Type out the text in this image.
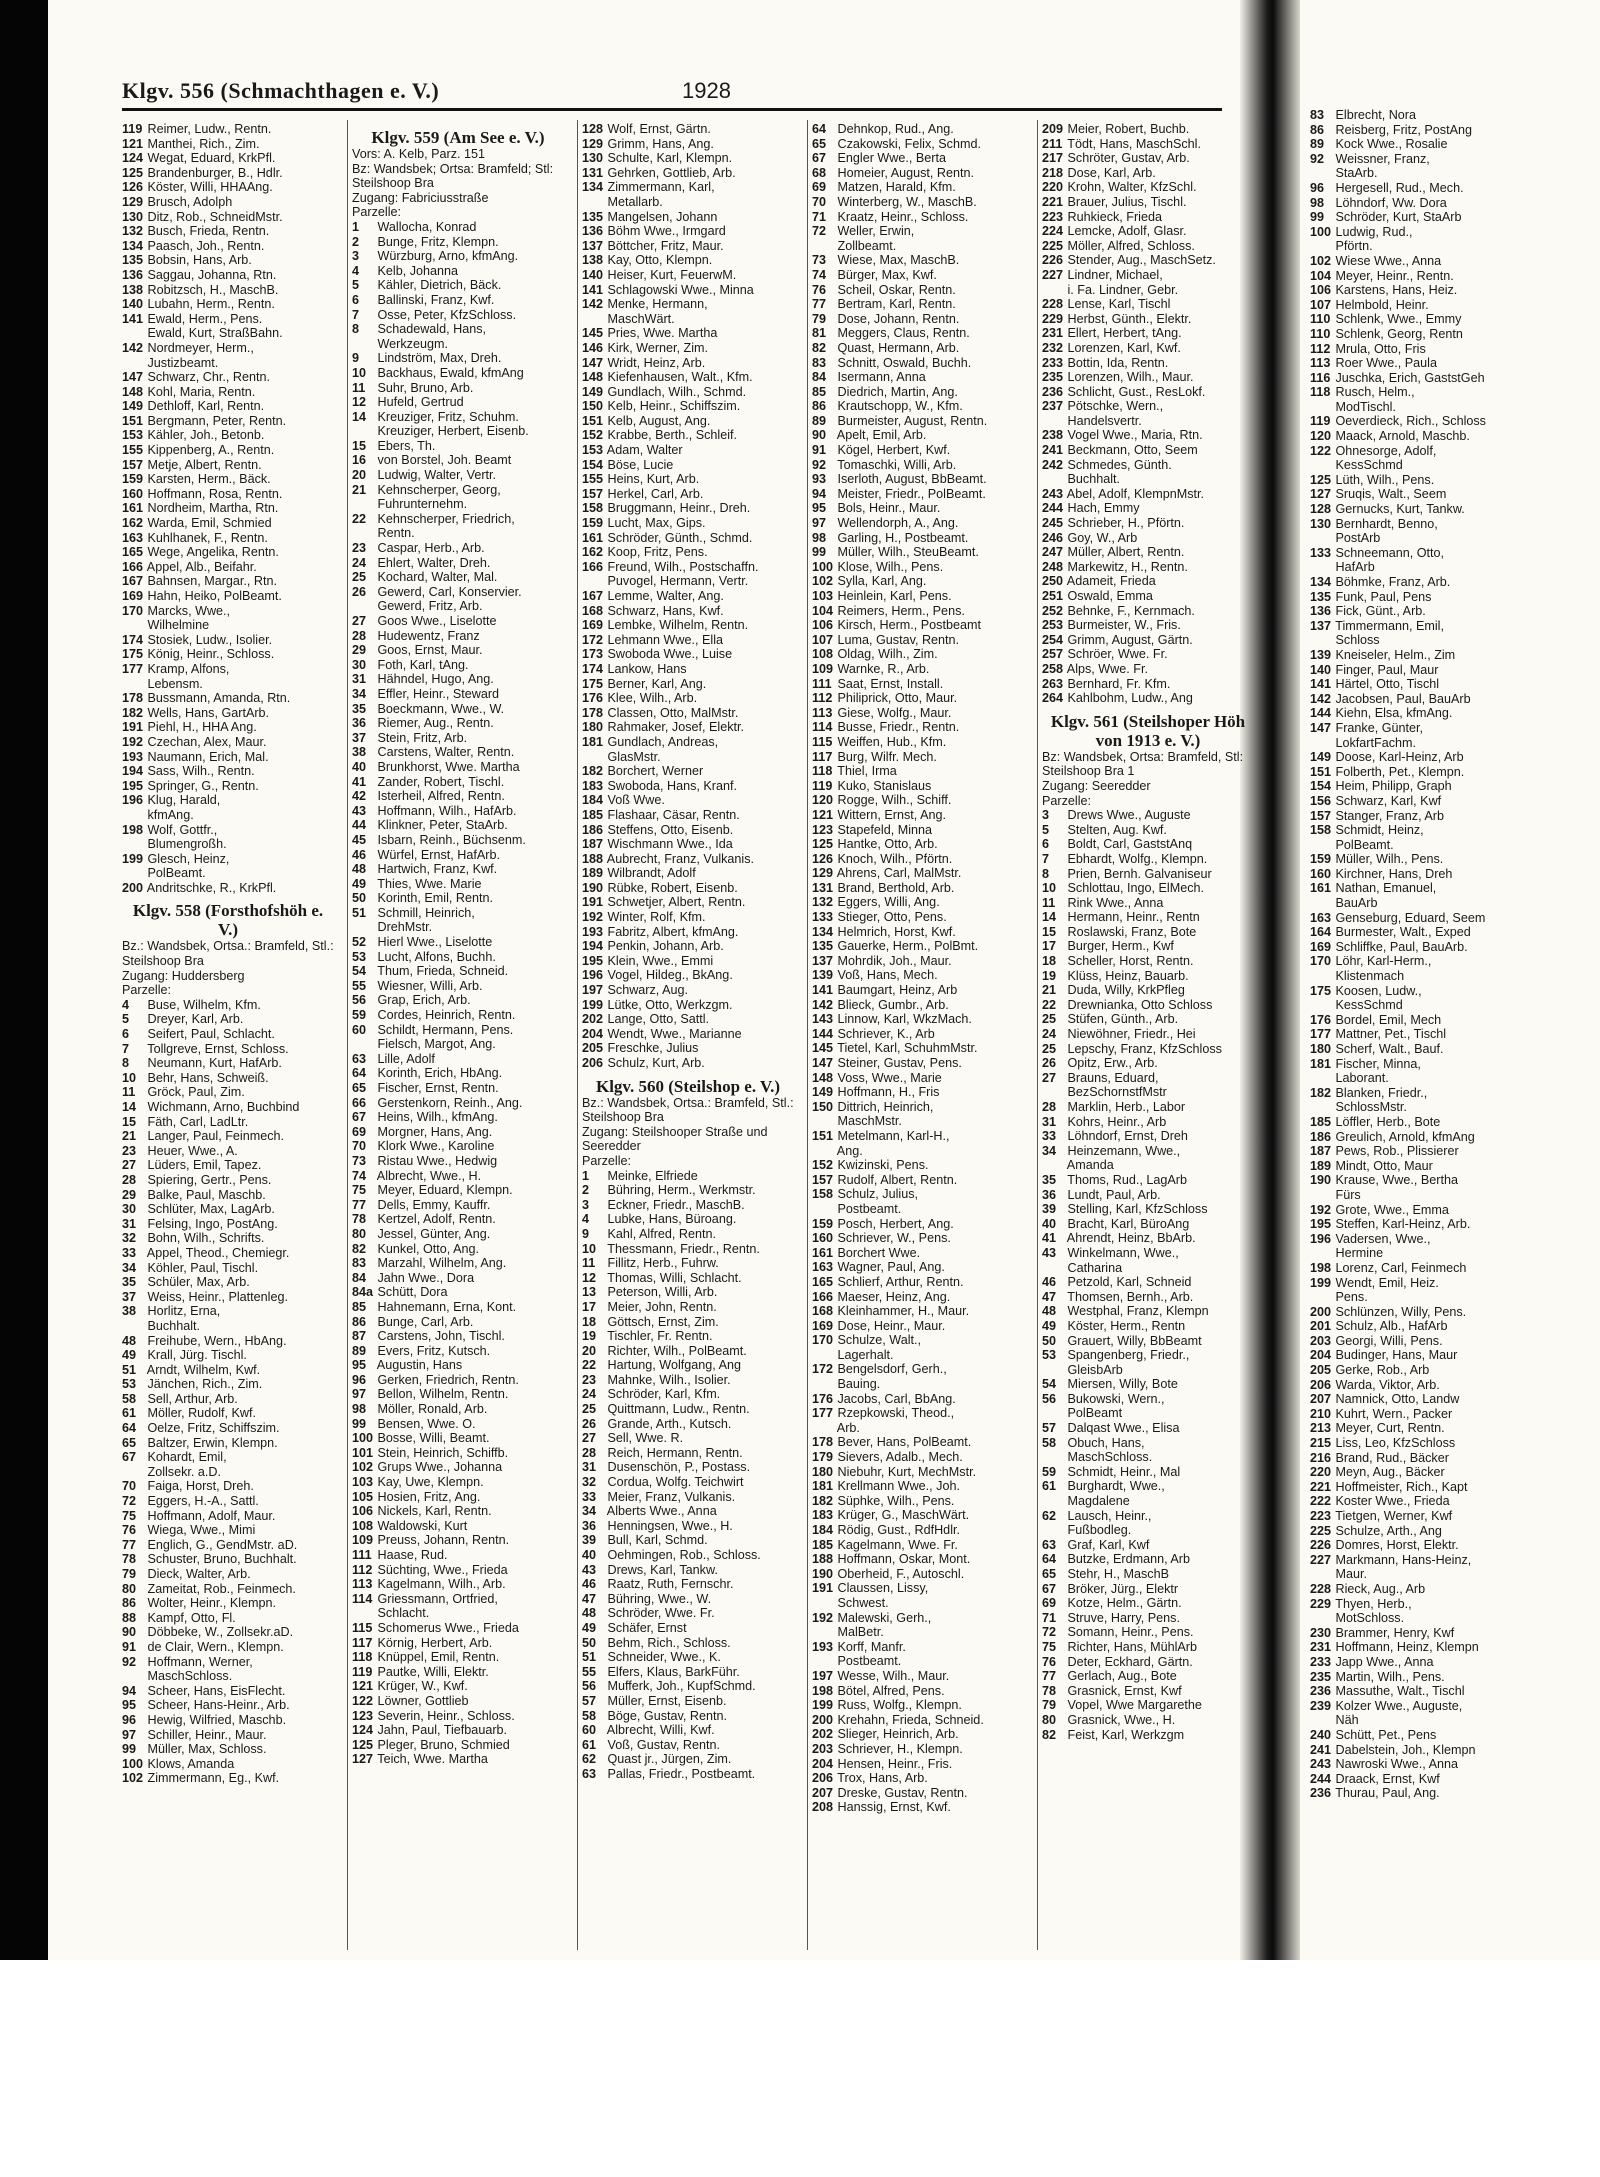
Klgv. 556 (Schmachthagen e. V.)	1928
119 Reimer, Ludw., Rentn.
121 Manthei, Rich., Zim.
124 Wegat, Eduard, KrkPfl.
125 Brandenburger, B., Hdlr.
126 Köster, Willi, HHAAng.
129 Brusch, Adolph
130 Ditz, Rob., SchneidMstr.
132 Busch, Frieda, Rentn.
134 Paasch, Joh., Rentn.
135 Bobsin, Hans, Arb.
136 Saggau, Johanna, Rtn.
138 Robitzsch, H., MaschB.
140 Lubahn, Herm., Rentn.
141 Ewald, Herm., Pens.
Ewald, Kurt, StraßBahn.
142 Nordmeyer, Herm.,
Justizbeamt.
147 Schwarz, Chr., Rentn.
148 Kohl, Maria, Rentn.
149 Dethloff, Karl, Rentn.
151 Bergmann, Peter, Rentn.
153 Kähler, Joh., Betonb.
155 Kippenberg, A., Rentn.
157 Metje, Albert, Rentn.
159 Karsten, Herm., Bäck.
160 Hoffmann, Rosa, Rentn.
161 Nordheim, Martha, Rtn.
162 Warda, Emil, Schmied
163 Kuhlhanek, F., Rentn.
165 Wege, Angelika, Rentn.
166 Appel, Alb., Beifahr.
167 Bahnsen, Margar., Rtn.
169 Hahn, Heiko, PolBeamt.
170 Marcks, Wwe.,
Wilhelmine
174 Stosiek, Ludw., Isolier.
175 König, Heinr., Schloss.
177 Kramp, Alfons,
Lebensm.
178 Bussmann, Amanda, Rtn.
182 Wells, Hans, GartArb.
191 Piehl, H., HHA Ang.
192 Czechan, Alex, Maur.
193 Naumann, Erich, Mal.
194 Sass, Wilh., Rentn.
195 Springer, G., Rentn.
196 Klug, Harald,
kfmAng.
198 Wolf, Gottfr.,
Blumengroßh.
199 Glesch, Heinz,
PolBeamt.
200 Andritschke, R., KrkPfl.
Klgv. 558 (Forsthofshöh e. V.)
Bz.: Wandsbek, Ortsa.: Bramfeld, Stl.: Steilshoop Bra
Zugang: Huddersberg
Parzelle:
4 Buse, Wilhelm, Kfm.
5 Dreyer, Karl, Arb.
6 Seifert, Paul, Schlacht.
7 Tollgreve, Ernst, Schloss.
8 Neumann, Kurt, HafArb.
10 Behr, Hans, Schweiß.
11 Gröck, Paul, Zim.
14 Wichmann, Arno, Buchbind
15 Fäth, Carl, LadLtr.
21 Langer, Paul, Feinmech.
23 Heuer, Wwe., A.
27 Lüders, Emil, Tapez.
28 Spiering, Gertr., Pens.
29 Balke, Paul, Maschb.
30 Schlüter, Max, LagArb.
31 Felsing, Ingo, PostAng.
32 Bohn, Wilh., Schrifts.
33 Appel, Theod., Chemiegr.
34 Köhler, Paul, Tischl.
35 Schüler, Max, Arb.
37 Weiss, Heinr., Plattenleg.
38 Horlitz, Erna,
Buchhalt.
48 Freihube, Wern., HbAng.
49 Krall, Jürg. Tischl.
51 Arndt, Wilhelm, Kwf.
53 Jänchen, Rich., Zim.
58 Sell, Arthur, Arb.
61 Möller, Rudolf, Kwf.
64 Oelze, Fritz, Schiffszim.
65 Baltzer, Erwin, Klempn.
67 Kohardt, Emil,
Zollsekr. a.D.
70 Faiga, Horst, Dreh.
72 Eggers, H.-A., Sattl.
75 Hoffmann, Adolf, Maur.
76 Wiega, Wwe., Mimi
77 Englich, G., GendMstr. aD.
78 Schuster, Bruno, Buchhalt.
79 Dieck, Walter, Arb.
80 Zameitat, Rob., Feinmech.
86 Wolter, Heinr., Klempn.
88 Kampf, Otto, Fl.
90 Döbbeke, W., Zollsekr.aD.
91 de Clair, Wern., Klempn.
92 Hoffmann, Werner,
MaschSchloss.
94 Scheer, Hans, EisFlecht.
95 Scheer, Hans-Heinr., Arb.
96 Hewig, Wilfried, Maschb.
97 Schiller, Heinr., Maur.
99 Müller, Max, Schloss.
100 Klows, Amanda
102 Zimmermann, Eg., Kwf.
Klgv. 559 (Am See e. V.)
Vors: A. Kelb, Parz. 151
Bz: Wandsbek; Ortsa: Bramfeld; Stl: Steilshoop Bra
Zugang: Fabriciusstraße
Parzelle:
1 Wallocha, Konrad
2 Bunge, Fritz, Klempn.
3 Würzburg, Arno, kfmAng.
4 Kelb, Johanna
5 Kähler, Dietrich, Bäck.
6 Ballinski, Franz, Kwf.
7 Osse, Peter, KfzSchloss.
8 Schadewald, Hans,
Werkzeugm.
9 Lindström, Max, Dreh.
10 Backhaus, Ewald, kfmAng
11 Suhr, Bruno, Arb.
12 Hufeld, Gertrud
14 Kreuziger, Fritz, Schuhm.
Kreuziger, Herbert, Eisenb.
15 Ebers, Th.
16 von Borstel, Joh. Beamt
20 Ludwig, Walter, Vertr.
21 Kehnscherper, Georg,
Fuhrunternehm.
22 Kehnscherper, Friedrich,
Rentn.
23 Caspar, Herb., Arb.
24 Ehlert, Walter, Dreh.
25 Kochard, Walter, Mal.
26 Gewerd, Carl, Konservier.
Gewerd, Fritz, Arb.
27 Goos Wwe., Liselotte
28 Hudewentz, Franz
29 Goos, Ernst, Maur.
30 Foth, Karl, tAng.
31 Hähndel, Hugo, Ang.
34 Effler, Heinr., Steward
35 Boeckmann, Wwe., W.
36 Riemer, Aug., Rentn.
37 Stein, Fritz, Arb.
38 Carstens, Walter, Rentn.
40 Brunkhorst, Wwe. Martha
41 Zander, Robert, Tischl.
42 Isterheil, Alfred, Rentn.
43 Hoffmann, Wilh., HafArb.
44 Klinkner, Peter, StaArb.
45 Isbarn, Reinh., Büchsenm.
46 Würfel, Ernst, HafArb.
48 Hartwich, Franz, Kwf.
49 Thies, Wwe. Marie
50 Korinth, Emil, Rentn.
51 Schmill, Heinrich,
DrehMstr.
52 Hierl Wwe., Liselotte
53 Lucht, Alfons, Buchh.
54 Thum, Frieda, Schneid.
55 Wiesner, Willi, Arb.
56 Grap, Erich, Arb.
59 Cordes, Heinrich, Rentn.
60 Schildt, Hermann, Pens.
Fielsch, Margot, Ang.
63 Lille, Adolf
64 Korinth, Erich, HbAng.
65 Fischer, Ernst, Rentn.
66 Gerstenkorn, Reinh., Ang.
67 Heins, Wilh., kfmAng.
69 Morgner, Hans, Ang.
70 Klork Wwe., Karoline
73 Ristau Wwe., Hedwig
74 Albrecht, Wwe., H.
75 Meyer, Eduard, Klempn.
77 Dells, Emmy, Kauffr.
78 Kertzel, Adolf, Rentn.
80 Jessel, Günter, Ang.
82 Kunkel, Otto, Ang.
83 Marzahl, Wilhelm, Ang.
84 Jahn Wwe., Dora
84a Schütt, Dora
85 Hahnemann, Erna, Kont.
86 Bunge, Carl, Arb.
87 Carstens, John, Tischl.
89 Evers, Fritz, Kutsch.
95 Augustin, Hans
96 Gerken, Friedrich, Rentn.
97 Bellon, Wilhelm, Rentn.
98 Möller, Ronald, Arb.
99 Bensen, Wwe. O.
100 Bosse, Willi, Beamt.
101 Stein, Heinrich, Schiffb.
102 Grups Wwe., Johanna
103 Kay, Uwe, Klempn.
105 Hosien, Fritz, Ang.
106 Nickels, Karl, Rentn.
108 Waldowski, Kurt
109 Preuss, Johann, Rentn.
111 Haase, Rud.
112 Süchting, Wwe., Frieda
113 Kagelmann, Wilh., Arb.
114 Griessmann, Ortfried,
Schlacht.
115 Schomerus Wwe., Frieda
117 Körnig, Herbert, Arb.
118 Knüppel, Emil, Rentn.
119 Pautke, Willi, Elektr.
121 Krüger, W., Kwf.
122 Löwner, Gottlieb
123 Severin, Heinr., Schloss.
124 Jahn, Paul, Tiefbauarb.
125 Pleger, Bruno, Schmied
127 Teich, Wwe. Martha
128 Wolf, Ernst, Gärtn.
129 Grimm, Hans, Ang.
130 Schulte, Karl, Klempn.
131 Gehrken, Gottlieb, Arb.
134 Zimmermann, Karl,
Metallarb.
135 Mangelsen, Johann
136 Böhm Wwe., Irmgard
137 Böttcher, Fritz, Maur.
138 Kay, Otto, Klempn.
140 Heiser, Kurt, FeuerwM.
141 Schlagowski Wwe., Minna
142 Menke, Hermann,
MaschWärt.
145 Pries, Wwe. Martha
146 Kirk, Werner, Zim.
147 Wridt, Heinz, Arb.
148 Kiefenhausen, Walt., Kfm.
149 Gundlach, Wilh., Schmd.
150 Kelb, Heinr., Schiffszim.
151 Kelb, August, Ang.
152 Krabbe, Berth., Schleif.
153 Adam, Walter
154 Böse, Lucie
155 Heins, Kurt, Arb.
157 Herkel, Carl, Arb.
158 Bruggmann, Heinr., Dreh.
159 Lucht, Max, Gips.
161 Schröder, Günth., Schmd.
162 Koop, Fritz, Pens.
166 Freund, Wilh., Postschaffn.
Puvogel, Hermann, Vertr.
167 Lemme, Walter, Ang.
168 Schwarz, Hans, Kwf.
169 Lembke, Wilhelm, Rentn.
172 Lehmann Wwe., Ella
173 Swoboda Wwe., Luise
174 Lankow, Hans
175 Berner, Karl, Ang.
176 Klee, Wilh., Arb.
178 Classen, Otto, MalMstr.
180 Rahmaker, Josef, Elektr.
181 Gundlach, Andreas,
GlasMstr.
182 Borchert, Werner
183 Swoboda, Hans, Kranf.
184 Voß Wwe.
185 Flashaar, Cäsar, Rentn.
186 Steffens, Otto, Eisenb.
187 Wischmann Wwe., Ida
188 Aubrecht, Franz, Vulkanis.
189 Wilbrandt, Adolf
190 Rübke, Robert, Eisenb.
191 Schwetjer, Albert, Rentn.
192 Winter, Rolf, Kfm.
193 Fabritz, Albert, kfmAng.
194 Penkin, Johann, Arb.
195 Klein, Wwe., Emmi
196 Vogel, Hildeg., BkAng.
197 Schwarz, Aug.
199 Lütke, Otto, Werkzgm.
202 Lange, Otto, Sattl.
204 Wendt, Wwe., Marianne
205 Freschke, Julius
206 Schulz, Kurt, Arb.
Klgv. 560 (Steilshop e. V.)
Bz.: Wandsbek, Ortsa.: Bramfeld, Stl.: Steilshoop Bra
Zugang: Steilshooper Straße und Seeredder
Parzelle:
1 Meinke, Elfriede
2 Bühring, Herm., Werkmstr.
3 Eckner, Friedr., MaschB.
4 Lubke, Hans, Büroang.
9 Kahl, Alfred, Rentn.
10 Thessmann, Friedr., Rentn.
11 Fillitz, Herb., Fuhrw.
12 Thomas, Willi, Schlacht.
13 Peterson, Willi, Arb.
17 Meier, John, Rentn.
18 Göttsch, Ernst, Zim.
19 Tischler, Fr. Rentn.
20 Richter, Wilh., PolBeamt.
22 Hartung, Wolfgang, Ang
23 Mahnke, Wilh., Isolier.
24 Schröder, Karl, Kfm.
25 Quittmann, Ludw., Rentn.
26 Grande, Arth., Kutsch.
27 Sell, Wwe. R.
28 Reich, Hermann, Rentn.
31 Dusenschön, P., Postass.
32 Cordua, Wolfg. Teichwirt
33 Meier, Franz, Vulkanis.
34 Alberts Wwe., Anna
36 Henningsen, Wwe., H.
39 Bull, Karl, Schmd.
40 Oehmingen, Rob., Schloss.
43 Drews, Karl, Tankw.
46 Raatz, Ruth, Fernschr.
47 Bühring, Wwe., W.
48 Schröder, Wwe. Fr.
49 Schäfer, Ernst
50 Behm, Rich., Schloss.
51 Schneider, Wwe., K.
55 Elfers, Klaus, BarkFühr.
56 Mufferk, Joh., KupfSchmd.
57 Müller, Ernst, Eisenb.
58 Böge, Gustav, Rentn.
60 Albrecht, Willi, Kwf.
61 Voß, Gustav, Rentn.
62 Quast jr., Jürgen, Zim.
63 Pallas, Friedr., Postbeamt.
64 Dehnkop, Rud., Ang.
65 Czakowski, Felix, Schmd.
67 Engler Wwe., Berta
68 Homeier, August, Rentn.
69 Matzen, Harald, Kfm.
70 Winterberg, W., MaschB.
71 Kraatz, Heinr., Schloss.
72 Weller, Erwin,
Zollbeamt.
73 Wiese, Max, MaschB.
74 Bürger, Max, Kwf.
76 Scheil, Oskar, Rentn.
77 Bertram, Karl, Rentn.
79 Dose, Johann, Rentn.
81 Meggers, Claus, Rentn.
82 Quast, Hermann, Arb.
83 Schnitt, Oswald, Buchh.
84 Isermann, Anna
85 Diedrich, Martin, Ang.
86 Krautschopp, W., Kfm.
89 Burmeister, August, Rentn.
90 Apelt, Emil, Arb.
91 Kögel, Herbert, Kwf.
92 Tomaschki, Willi, Arb.
93 Iserloth, August, BbBeamt.
94 Meister, Friedr., PolBeamt.
95 Bols, Heinr., Maur.
97 Wellendorph, A., Ang.
98 Garling, H., Postbeamt.
99 Müller, Wilh., SteuBeamt.
100 Klose, Wilh., Pens.
102 Sylla, Karl, Ang.
103 Heinlein, Karl, Pens.
104 Reimers, Herm., Pens.
106 Kirsch, Herm., Postbeamt
107 Luma, Gustav, Rentn.
108 Oldag, Wilh., Zim.
109 Warnke, R., Arb.
111 Saat, Ernst, Install.
112 Philiprick, Otto, Maur.
113 Giese, Wolfg., Maur.
114 Busse, Friedr., Rentn.
115 Weiffen, Hub., Kfm.
117 Burg, Wilfr. Mech.
118 Thiel, Irma
119 Kuko, Stanislaus
120 Rogge, Wilh., Schiff.
121 Wittern, Ernst, Ang.
123 Stapefeld, Minna
125 Hantke, Otto, Arb.
126 Knoch, Wilh., Pförtn.
129 Ahrens, Carl, MalMstr.
131 Brand, Berthold, Arb.
132 Eggers, Willi, Ang.
133 Stieger, Otto, Pens.
134 Helmrich, Horst, Kwf.
135 Gauerke, Herm., PolBmt.
137 Mohrdik, Joh., Maur.
139 Voß, Hans, Mech.
141 Baumgart, Heinz, Arb
142 Blieck, Gumbr., Arb.
143 Linnow, Karl, WkzMach.
144 Schriever, K., Arb
145 Tietel, Karl, SchuhmMstr.
147 Steiner, Gustav, Pens.
148 Voss, Wwe., Marie
149 Hoffmann, H., Fris
150 Dittrich, Heinrich,
MaschMstr.
151 Metelmann, Karl-H.,
Ang.
152 Kwizinski, Pens.
157 Rudolf, Albert, Rentn.
158 Schulz, Julius,
Postbeamt.
159 Posch, Herbert, Ang.
160 Schriever, W., Pens.
161 Borchert Wwe.
163 Wagner, Paul, Ang.
165 Schlierf, Arthur, Rentn.
166 Maeser, Heinz, Ang.
168 Kleinhammer, H., Maur.
169 Dose, Heinr., Maur.
170 Schulze, Walt.,
Lagerhalt.
172 Bengelsdorf, Gerh.,
Bauing.
176 Jacobs, Carl, BbAng.
177 Rzepkowski, Theod.,
Arb.
178 Bever, Hans, PolBeamt.
179 Sievers, Adalb., Mech.
180 Niebuhr, Kurt, MechMstr.
181 Krellmann Wwe., Joh.
182 Süphke, Wilh., Pens.
183 Krüger, G., MaschWärt.
184 Rödig, Gust., RdfHdlr.
185 Kagelmann, Wwe. Fr.
188 Hoffmann, Oskar, Mont.
190 Oberheid, F., Autoschl.
191 Claussen, Lissy,
Schwest.
192 Malewski, Gerh.,
MalBetr.
193 Korff, Manfr.
Postbeamt.
197 Wesse, Wilh., Maur.
198 Bötel, Alfred, Pens.
199 Russ, Wolfg., Klempn.
200 Krehahn, Frieda, Schneid.
202 Slieger, Heinrich, Arb.
203 Schriever, H., Klempn.
204 Hensen, Heinr., Fris.
206 Trox, Hans, Arb.
207 Dreske, Gustav, Rentn.
208 Hanssig, Ernst, Kwf.
209 Meier, Robert, Buchb.
211 Tödt, Hans, MaschSchl.
217 Schröter, Gustav, Arb.
218 Dose, Karl, Arb.
220 Krohn, Walter, KfzSchl.
221 Brauer, Julius, Tischl.
223 Ruhkieck, Frieda
224 Lemcke, Adolf, Glasr.
225 Möller, Alfred, Schloss.
226 Stender, Aug., MaschSetz.
227 Lindner, Michael,
i. Fa. Lindner, Gebr.
228 Lense, Karl, Tischl
229 Herbst, Günth., Elektr.
231 Ellert, Herbert, tAng.
232 Lorenzen, Karl, Kwf.
233 Bottin, Ida, Rentn.
235 Lorenzen, Wilh., Maur.
236 Schlicht, Gust., ResLokf.
237 Pötschke, Wern.,
Handelsvertr.
238 Vogel Wwe., Maria, Rtn.
241 Beckmann, Otto, Seem
242 Schmedes, Günth.
Buchhalt.
243 Abel, Adolf, KlempnMstr.
244 Hach, Emmy
245 Schrieber, H., Pförtn.
246 Goy, W., Arb
247 Müller, Albert, Rentn.
248 Markewitz, H., Rentn.
250 Adameit, Frieda
251 Oswald, Emma
252 Behnke, F., Kernmach.
253 Burmeister, W., Fris.
254 Grimm, August, Gärtn.
257 Schröer, Wwe. Fr.
258 Alps, Wwe. Fr.
263 Bernhard, Fr. Kfm.
264 Kahlbohm, Ludw., Ang
Klgv. 561 (Steilshoper Höh von 1913 e. V.)
Bz: Wandsbek, Ortsa: Bramfeld, Stl: Steilshoop Bra 1
Zugang: Seeredder
Parzelle:
3 Drews Wwe., Auguste
5 Stelten, Aug. Kwf.
6 Boldt, Carl, GaststAnq
7 Ebhardt, Wolfg., Klempn.
8 Prien, Bernh. Galvaniseur
10 Schlottau, Ingo, ElMech.
11 Rink Wwe., Anna
14 Hermann, Heinr., Rentn
15 Roslawski, Franz, Bote
17 Burger, Herm., Kwf
18 Scheller, Horst, Rentn.
19 Klüss, Heinz, Bauarb.
21 Duda, Willy, KrkPfleg
22 Drewnianka, Otto Schloss
25 Stüfen, Günth., Arb.
24 Niewöhner, Friedr., Hei
25 Lepschy, Franz, KfzSchloss
26 Opitz, Erw., Arb.
27 Brauns, Eduard,
BezSchornstfMstr
28 Marklin, Herb., Labor
31 Kohrs, Heinr., Arb
33 Löhndorf, Ernst, Dreh
34 Heinzemann, Wwe.,
Amanda
35 Thoms, Rud., LagArb
36 Lundt, Paul, Arb.
39 Stelling, Karl, KfzSchloss
40 Bracht, Karl, BüroAng
41 Ahrendt, Heinz, BbArb.
43 Winkelmann, Wwe.,
Catharina
46 Petzold, Karl, Schneid
47 Thomsen, Bernh., Arb.
48 Westphal, Franz, Klempn
49 Köster, Herm., Rentn
50 Grauert, Willy, BbBeamt
53 Spangenberg, Friedr.,
GleisbArb
54 Miersen, Willy, Bote
56 Bukowski, Wern.,
PolBeamt
57 Dalqast Wwe., Elisa
58 Obuch, Hans,
MaschSchloss.
59 Schmidt, Heinr., Mal
61 Burghardt, Wwe.,
Magdalene
62 Lausch, Heinr.,
Fußbodleg.
63 Graf, Karl, Kwf
64 Butzke, Erdmann, Arb
65 Stehr, H., MaschB
67 Bröker, Jürg., Elektr
69 Kotze, Helm., Gärtn.
71 Struve, Harry, Pens.
72 Somann, Heinr., Pens.
75 Richter, Hans, MühlArb
76 Deter, Eckhard, Gärtn.
77 Gerlach, Aug., Bote
78 Grasnick, Ernst, Kwf
79 Vopel, Wwe Margarethe
80 Grasnick, Wwe., H.
82 Feist, Karl, Werkzgm
83 Elbrecht, Nora
86 Reisberg, Fritz, PostAng
89 Kock Wwe., Rosalie
92 Weissner, Franz,
StaArb.
96 Hergesell, Rud., Mech.
98 Löhndorf, Ww. Dora
99 Schröder, Kurt, StaArb
100 Ludwig, Rud.,
Pförtn.
102 Wiese Wwe., Anna
104 Meyer, Heinr., Rentn.
106 Karstens, Hans, Heiz.
107 Helmbold, Heinr.
110 Schlenk, Wwe., Emmy
110 Schlenk, Georg, Rentn
112 Mrula, Otto, Fris
113 Roer Wwe., Paula
116 Juschka, Erich, GaststGeh
118 Rusch, Helm.,
ModTischl.
119 Oeverdieck, Rich., Schloss
120 Maack, Arnold, Maschb.
122 Ohnesorge, Adolf,
KessSchmd
125 Lüth, Wilh., Pens.
127 Sruqis, Walt., Seem
128 Gernucks, Kurt, Tankw.
130 Bernhardt, Benno,
PostArb
133 Schneemann, Otto,
HafArb
134 Böhmke, Franz, Arb.
135 Funk, Paul, Pens
136 Fick, Günt., Arb.
137 Timmermann, Emil,
Schloss
139 Kneiseler, Helm., Zim
140 Finger, Paul, Maur
141 Härtel, Otto, Tischl
142 Jacobsen, Paul, BauArb
144 Kiehn, Elsa, kfmAng.
147 Franke, Günter,
LokfartFachm.
149 Doose, Karl-Heinz, Arb
151 Folberth, Pet., Klempn.
154 Heim, Philipp, Graph
156 Schwarz, Karl, Kwf
157 Stanger, Franz, Arb
158 Schmidt, Heinz,
PolBeamt.
159 Müller, Wilh., Pens.
160 Kirchner, Hans, Dreh
161 Nathan, Emanuel,
BauArb
163 Genseburg, Eduard, Seem
164 Burmester, Walt., Exped
169 Schliffke, Paul, BauArb.
170 Löhr, Karl-Herm.,
Klistenmach
175 Koosen, Ludw.,
KessSchmd
176 Bordel, Emil, Mech
177 Mattner, Pet., Tischl
180 Scherf, Walt., Bauf.
181 Fischer, Minna,
Laborant.
182 Blanken, Friedr.,
SchlossMstr.
185 Löffler, Herb., Bote
186 Greulich, Arnold, kfmAng
187 Pews, Rob., Plissierer
189 Mindt, Otto, Maur
190 Krause, Wwe., Bertha
Fürs
192 Grote, Wwe., Emma
195 Steffen, Karl-Heinz, Arb.
196 Vadersen, Wwe.,
Hermine
198 Lorenz, Carl, Feinmech
199 Wendt, Emil, Heiz.
Pens.
200 Schlünzen, Willy, Pens.
201 Schulz, Alb., HafArb
203 Georgi, Willi, Pens.
204 Budinger, Hans, Maur
205 Gerke, Rob., Arb
206 Warda, Viktor, Arb.
207 Namnick, Otto, Landw
210 Kuhrt, Wern., Packer
213 Meyer, Curt, Rentn.
215 Liss, Leo, KfzSchloss
216 Brand, Rud., Bäcker
220 Meyn, Aug., Bäcker
221 Hoffmeister, Rich., Kapt
222 Koster Wwe., Frieda
223 Tietgen, Werner, Kwf
225 Schulze, Arth., Ang
226 Domres, Horst, Elektr.
227 Markmann, Hans-Heinz,
Maur.
228 Rieck, Aug., Arb
229 Thyen, Herb.,
MotSchloss.
230 Brammer, Henry, Kwf
231 Hoffmann, Heinz, Klempn
233 Japp Wwe., Anna
235 Martin, Wilh., Pens.
236 Massuthe, Walt., Tischl
239 Kolzer Wwe., Auguste,
Näh
240 Schütt, Pet., Pens
241 Dabelstein, Joh., Klempn
243 Nawroski Wwe., Anna
244 Draack, Ernst, Kwf
236 Thurau, Paul, Ang.
